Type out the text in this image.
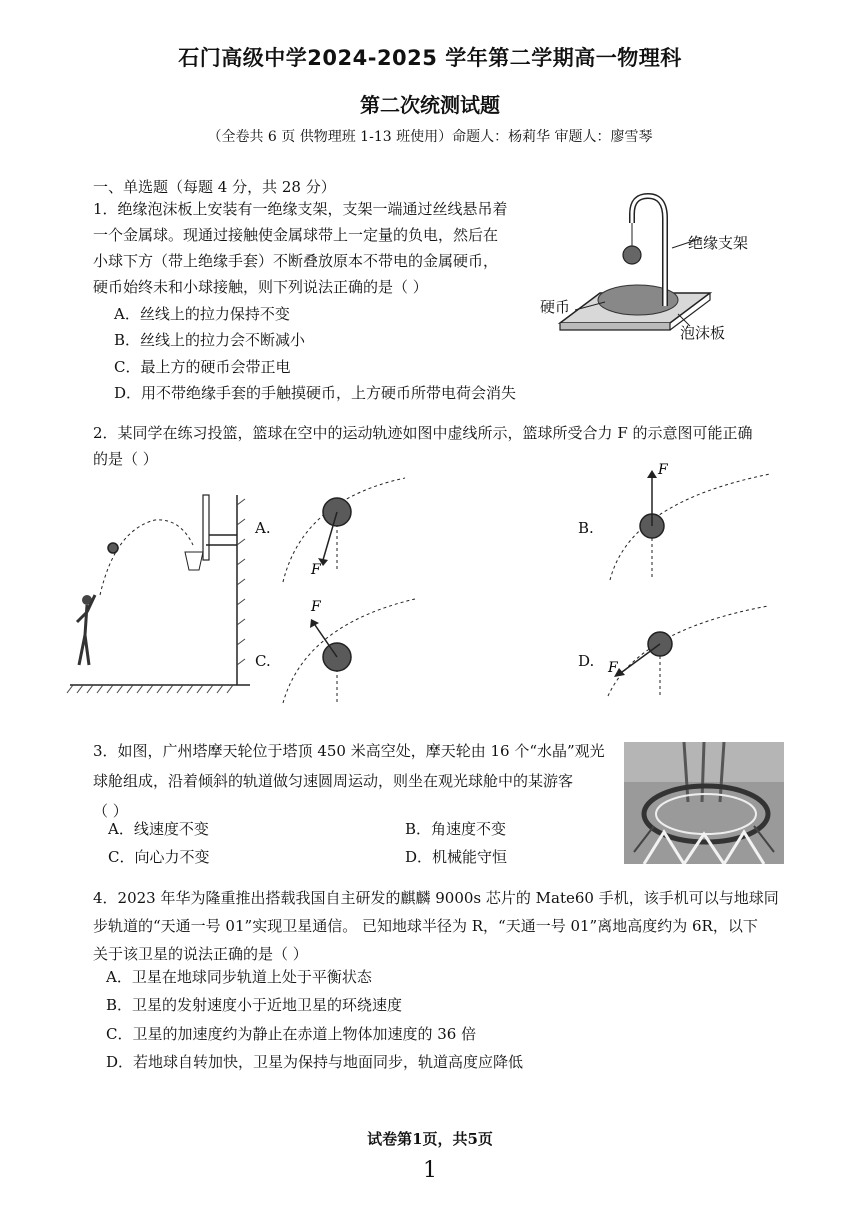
石门高级中学2024-2025 学年第二学期高一物理科
第二次统测试题
（全卷共 6 页 供物理班 1-13 班使用）命题人：杨莉华 审题人：廖雪琴
一、单选题（每题 4 分，共 28 分）
1．绝缘泡沫板上安装有一绝缘支架，支架一端通过丝线悬吊着
一个金属球。现通过接触使金属球带上一定量的负电，然后在
小球下方（带上绝缘手套）不断叠放原本不带电的金属硬币，
硬币始终未和小球接触，则下列说法正确的是（ ）
A．丝线上的拉力保持不变
B．丝线上的拉力会不断减小
C．最上方的硬币会带正电
D．用不带绝缘手套的手触摸硬币，上方硬币所带电荷会消失
绝缘支架
硬币
泡沫板
2．某同学在练习投篮，篮球在空中的运动轨迹如图中虚线所示，篮球所受合力 F 的示意图可能正确
的是（ ）
A.	B.
C.	D.
F
F
F
F
3．如图，广州塔摩天轮位于塔顶 450 米高空处，摩天轮由 16 个“水晶”观光
球舱组成，沿着倾斜的轨道做匀速圆周运动，则坐在观光球舱中的某游客
（ ）
A．线速度不变	B．角速度不变
C．向心力不变	D．机械能守恒
4．2023 年华为隆重推出搭载我国自主研发的麒麟 9000s 芯片的 Mate60 手机，该手机可以与地球同
步轨道的“天通一号 01”实现卫星通信。 已知地球半径为 R，“天通一号 01”离地高度约为 6R，以下
关于该卫星的说法正确的是（ ）
A．卫星在地球同步轨道上处于平衡状态
B．卫星的发射速度小于近地卫星的环绕速度
C．卫星的加速度约为静止在赤道上物体加速度的 36 倍
D．若地球自转加快，卫星为保持与地面同步，轨道高度应降低
试卷第1页，共5页
1
